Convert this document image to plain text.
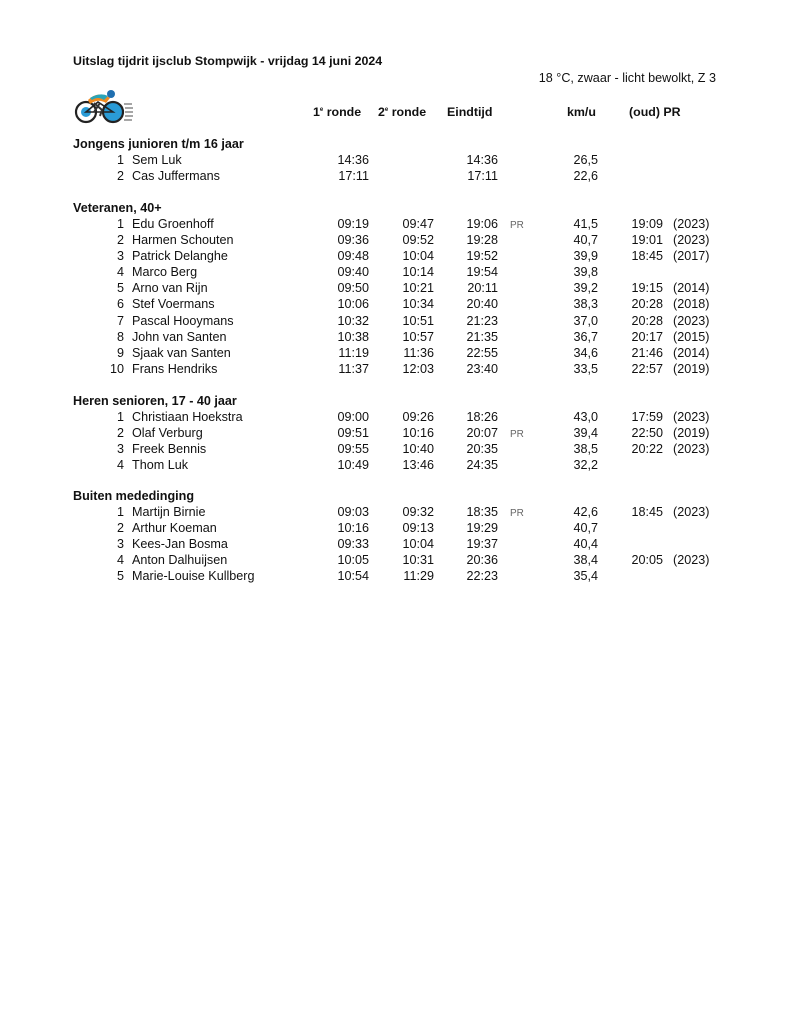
Uitslag tijdrit ijsclub Stompwijk - vrijdag 14 juni 2024
18 °C, zwaar - licht bewolkt, Z 3
1e ronde 2e ronde Eindtijd	km/u	(oud) PR
Jongens junioren t/m 16 jaar
1 Sem Luk	14:36	14:36	26,5
2 Cas Juffermans	17:11	17:11	22,6
Veteranen, 40+
1 Edu Groenhoff	09:19	09:47	19:06 PR	41,5	19:09 (2023)
2 Harmen Schouten	09:36	09:52	19:28	40,7	19:01 (2023)
3 Patrick Delanghe	09:48	10:04	19:52	39,9	18:45 (2017)
4 Marco Berg	09:40	10:14	19:54	39,8
5 Arno van Rijn	09:50	10:21	20:11	39,2	19:15 (2014)
6 Stef Voermans	10:06	10:34	20:40	38,3	20:28 (2018)
7 Pascal Hooymans	10:32	10:51	21:23	37,0	20:28 (2023)
8 John van Santen	10:38	10:57	21:35	36,7	20:17 (2015)
9 Sjaak van Santen	11:19	11:36	22:55	34,6	21:46 (2014)
10 Frans Hendriks	11:37	12:03	23:40	33,5	22:57 (2019)
Heren senioren, 17 - 40 jaar
1 Christiaan Hoekstra	09:00	09:26	18:26	43,0	17:59 (2023)
2 Olaf Verburg	09:51	10:16	20:07 PR	39,4	22:50 (2019)
3 Freek Bennis	09:55	10:40	20:35	38,5	20:22 (2023)
4 Thom Luk	10:49	13:46	24:35	32,2
Buiten mededinging
1 Martijn Birnie	09:03	09:32	18:35 PR	42,6	18:45 (2023)
2 Arthur Koeman	10:16	09:13	19:29	40,7
3 Kees-Jan Bosma	09:33	10:04	19:37	40,4
4 Anton Dalhuijsen	10:05	10:31	20:36	38,4	20:05 (2023)
5 Marie-Louise Kullberg	10:54	11:29	22:23	35,4
